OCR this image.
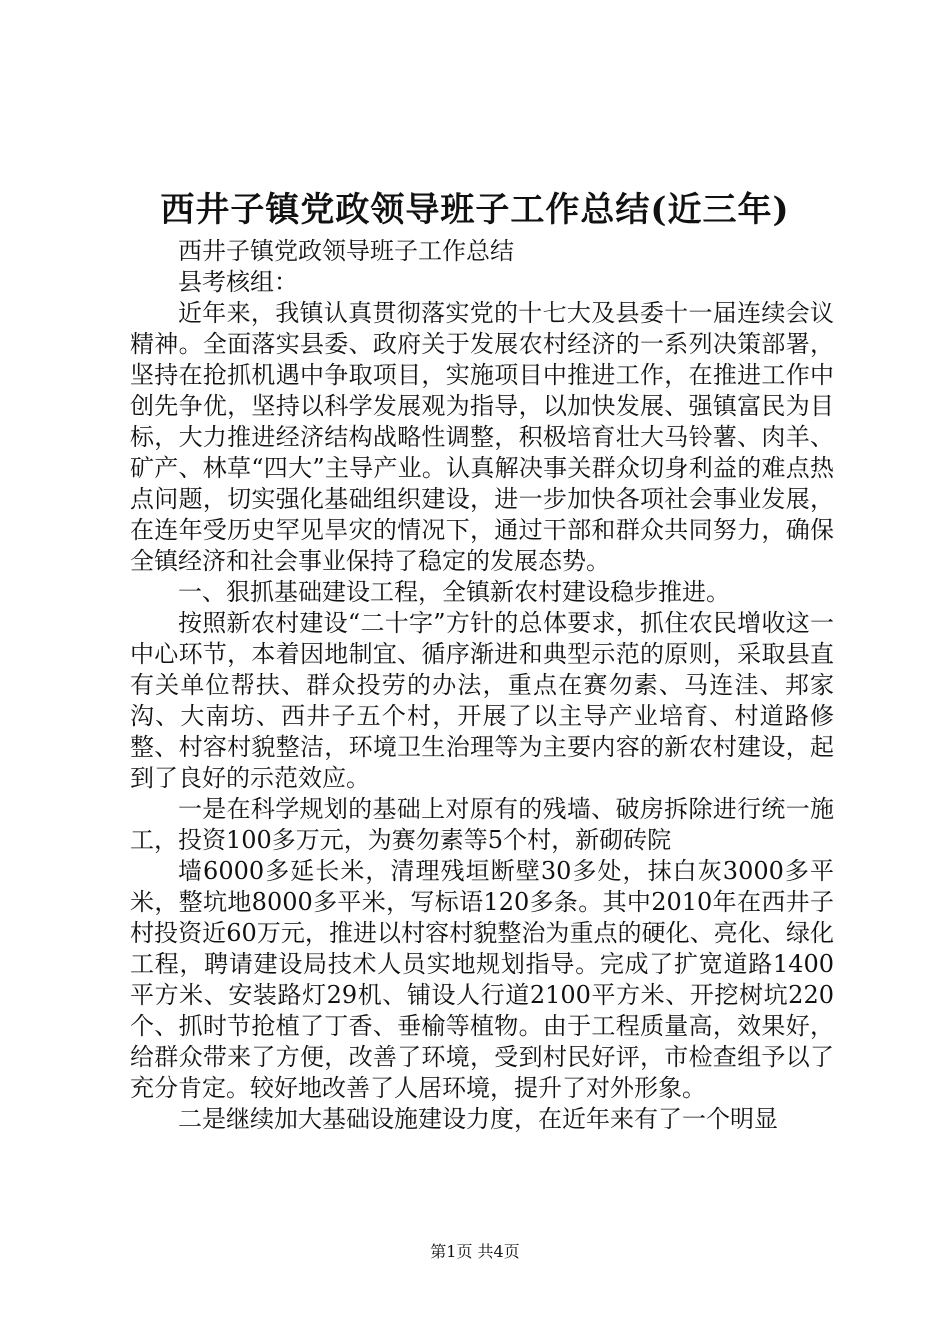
西井子镇党政领导班子工作总结(近三年)

西井子镇党政领导班子工作总结

县考核组：

近年来，我镇认真贯彻落实党的十七大及县委十一届连续会议精神。全面落实县委、政府关于发展农村经济的一系列决策部署，坚持在抢抓机遇中争取项目，实施项目中推进工作，在推进工作中创先争优，坚持以科学发展观为指导，以加快发展、强镇富民为目标，大力推进经济结构战略性调整，积极培育壮大马铃薯、肉羊、矿产、林草“四大”主导产业。认真解决事关群众切身利益的难点热点问题，切实强化基础组织建设，进一步加快各项社会事业发展，在连年受历史罕见旱灾的情况下，通过干部和群众共同努力，确保全镇经济和社会事业保持了稳定的发展态势。

一、狠抓基础建设工程，全镇新农村建设稳步推进。

按照新农村建设“二十字”方针的总体要求，抓住农民增收这一中心环节，本着因地制宜、循序渐进和典型示范的原则，采取县直有关单位帮扶、群众投劳的办法，重点在赛勿素、马连洼、邦家沟、大南坊、西井子五个村，开展了以主导产业培育、村道路修整、村容村貌整洁，环境卫生治理等为主要内容的新农村建设，起到了良好的示范效应。

一是在科学规划的基础上对原有的残墙、破房拆除进行统一施工，投资100多万元，为赛勿素等5个村，新砌砖院

墙6000多延长米，清理残垣断壁30多处，抹白灰3000多平米，整坑地8000多平米，写标语120多条。其中2010年在西井子村投资近60万元，推进以村容村貌整治为重点的硬化、亮化、绿化工程，聘请建设局技术人员实地规划指导。完成了扩宽道路1400平方米、安装路灯29机、铺设人行道2100平方米、开挖树坑220个、抓时节抢植了丁香、垂榆等植物。由于工程质量高，效果好，给群众带来了方便，改善了环境，受到村民好评，市检查组予以了充分肯定。较好地改善了人居环境，提升了对外形象。

二是继续加大基础设施建设力度，在近年来有了一个明显

第1页 共4页
